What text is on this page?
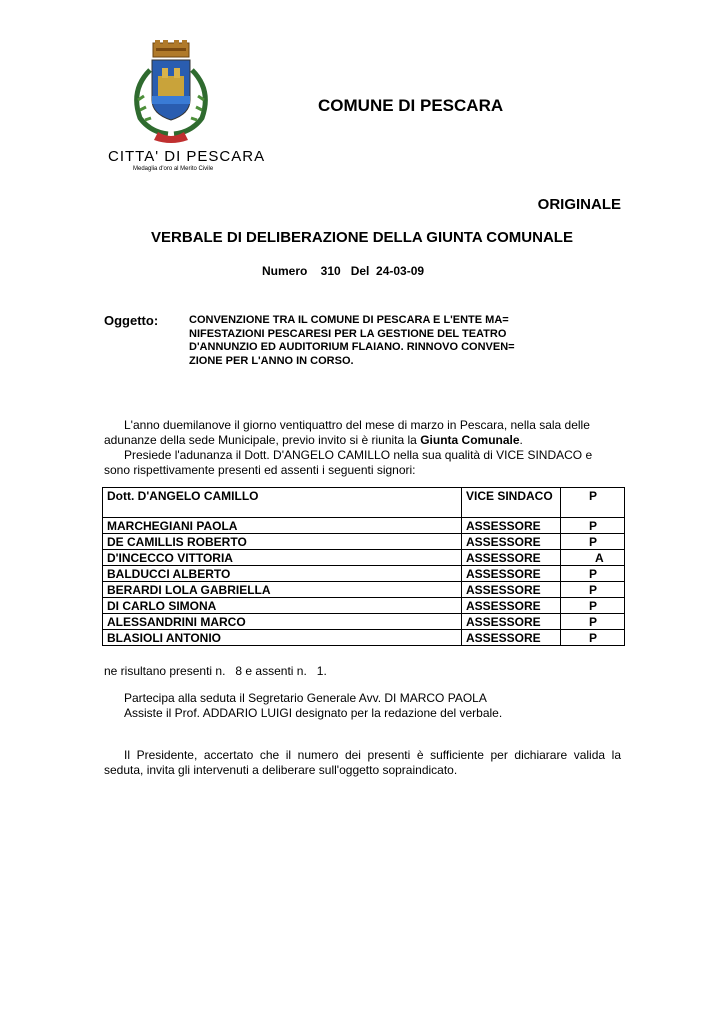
CITTA' DI PESCARA
Medaglia d'oro al Merito Civile
COMUNE DI PESCARA
ORIGINALE
VERBALE DI DELIBERAZIONE DELLA GIUNTA COMUNALE
Numero    310   Del  24-03-09
Oggetto:	CONVENZIONE TRA IL COMUNE DI PESCARA E L'ENTE MA=
NIFESTAZIONI PESCARESI PER LA GESTIONE DEL TEATRO
D'ANNUNZIO ED AUDITORIUM FLAIANO. RINNOVO CONVEN=
ZIONE PER L'ANNO IN CORSO.
L'anno duemilanove il giorno ventiquattro del mese di marzo in Pescara, nella sala delle adunanze della sede Municipale, previo invito si è riunita la Giunta Comunale.
Presiede l'adunanza il Dott. D'ANGELO CAMILLO nella sua qualità di VICE SINDACO e sono rispettivamente presenti ed assenti i seguenti signori:
Dott. D'ANGELO CAMILLO	VICE SINDACO	P
MARCHEGIANI PAOLA	ASSESSORE	P
DE CAMILLIS ROBERTO	ASSESSORE	P
D'INCECCO VITTORIA	ASSESSORE	A
BALDUCCI ALBERTO	ASSESSORE	P
BERARDI LOLA GABRIELLA	ASSESSORE	P
DI CARLO SIMONA	ASSESSORE	P
ALESSANDRINI MARCO	ASSESSORE	P
BLASIOLI ANTONIO	ASSESSORE	P
ne risultano presenti n.   8 e assenti n.   1.
Partecipa alla seduta il Segretario Generale Avv. DI MARCO PAOLA
Assiste il Prof. ADDARIO LUIGI designato per la redazione del verbale.
Il Presidente, accertato che il numero dei presenti è sufficiente per dichiarare valida la seduta, invita gli intervenuti a deliberare sull'oggetto sopraindicato.
